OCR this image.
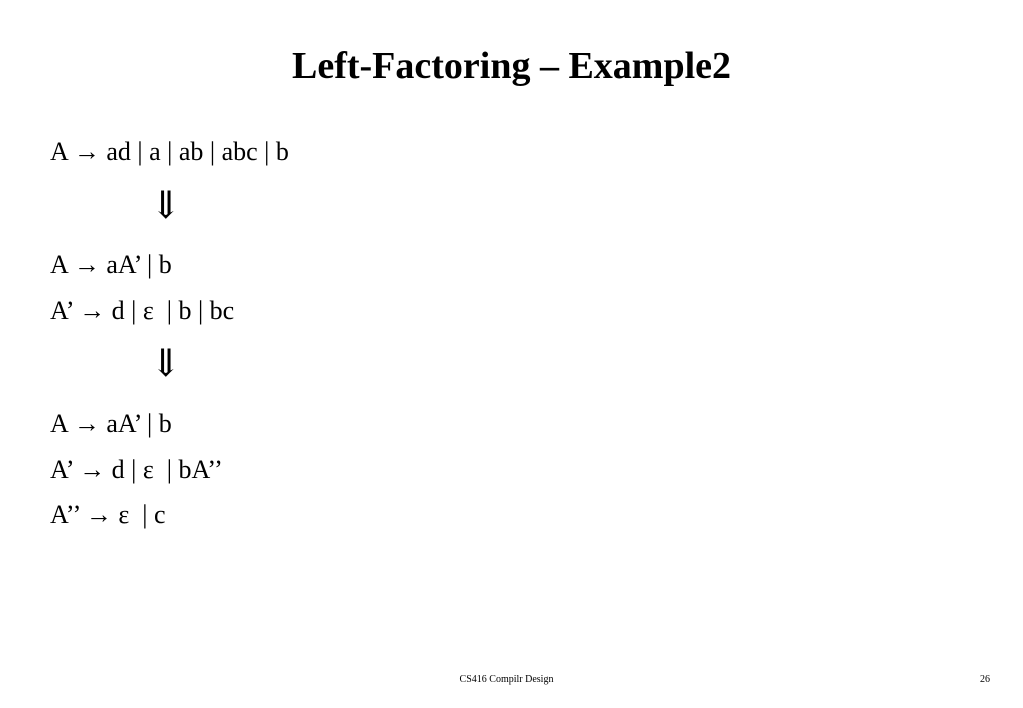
Left-Factoring – Example2
A → ad | a | ab | abc | b
⇓
A → aA’ | b
A’ → d | ε  | b | bc
⇓
A → aA’ | b
A’ → d | ε  | bA’’
A’’ → ε  | c
CS416 Compilr Design	26
